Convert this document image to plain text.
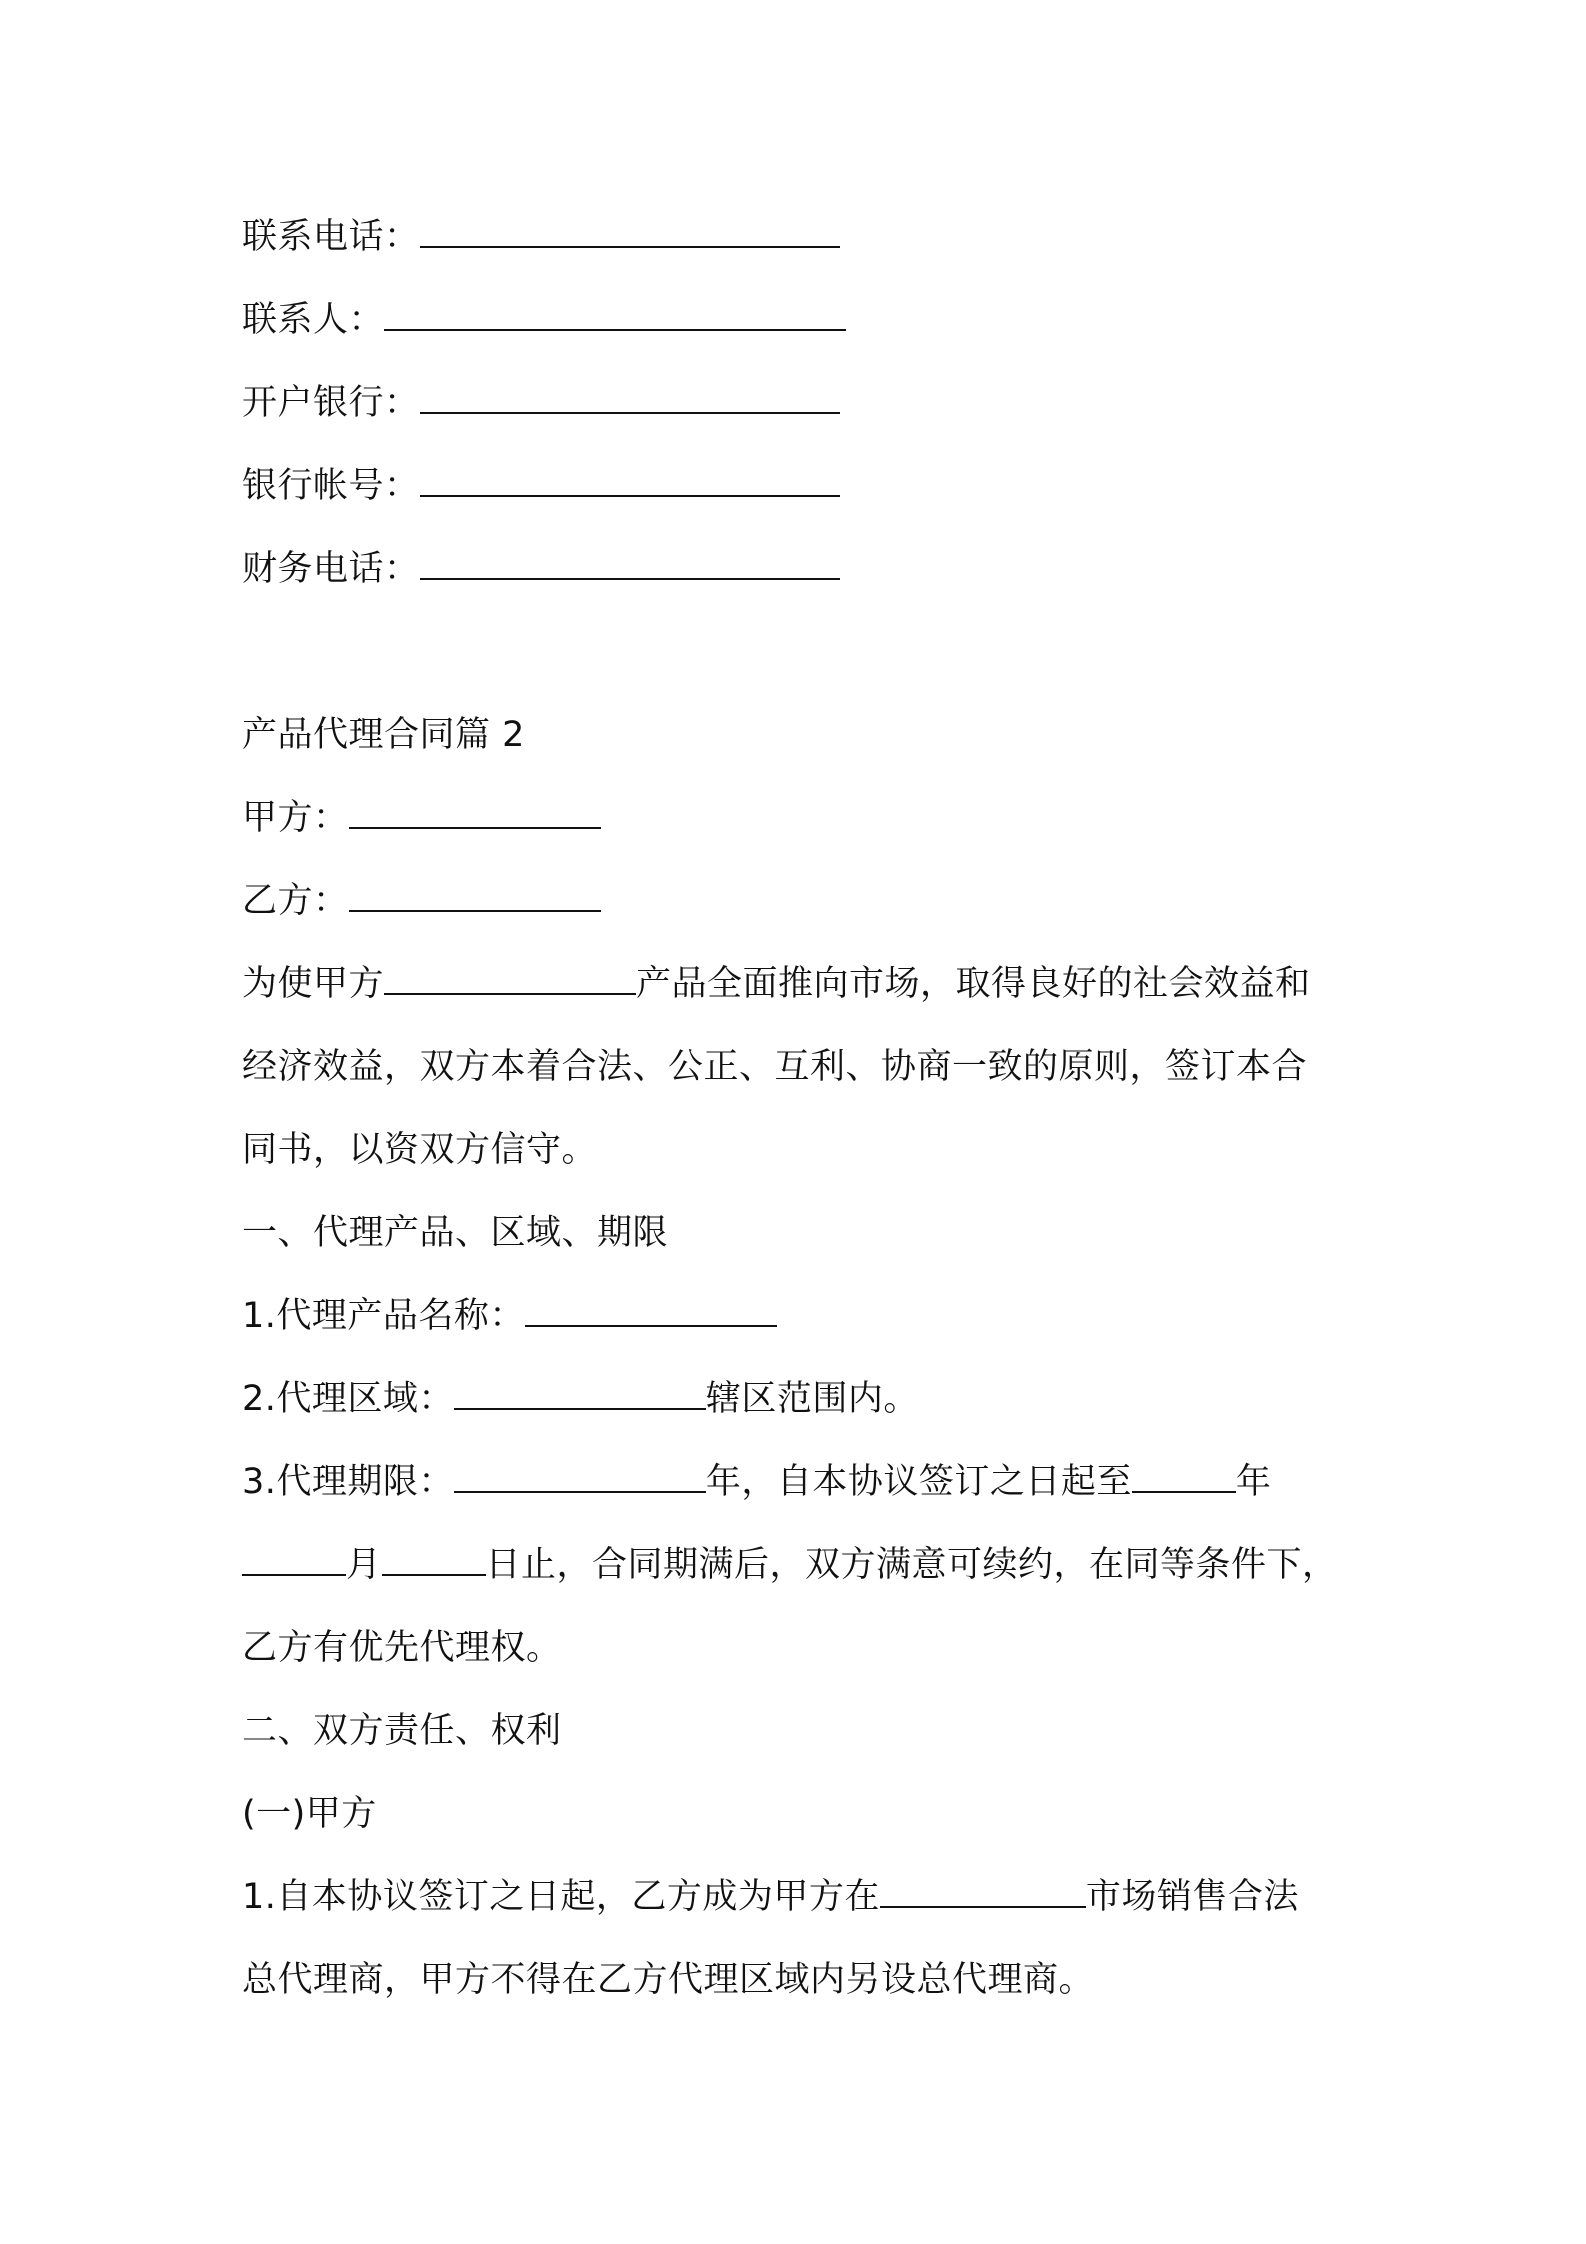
联系电话：
联系人：
开户银行：
银行帐号：
财务电话：
产品代理合同篇 2
甲方：
乙方：
为使甲方	产品全面推向市场，取得良好的社会效益和
经济效益，双方本着合法、公正、互利、协商一致的原则，签订本合
同书，以资双方信守。
一、代理产品、区域、期限
1.代理产品名称：
2.代理区域：	辖区范围内。
3.代理期限：	年，自本协议签订之日起至	年
月	日止，合同期满后，双方满意可续约，在同等条件下，
乙方有优先代理权。
二、双方责任、权利
(一)甲方
1.自本协议签订之日起，乙方成为甲方在	市场销售合法
总代理商，甲方不得在乙方代理区域内另设总代理商。
